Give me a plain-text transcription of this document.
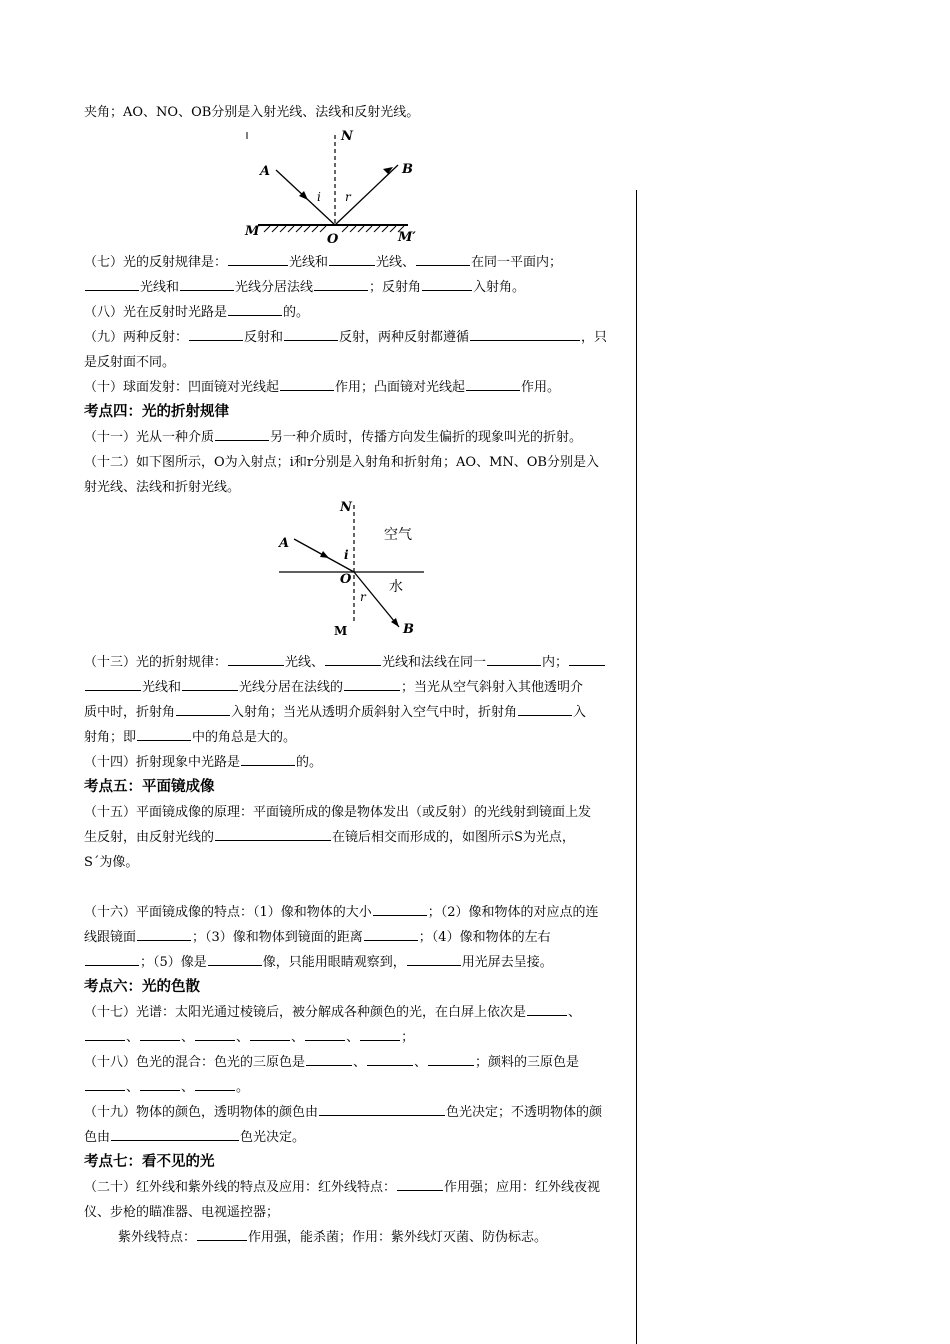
N
A	B
i r
M
O	M′
N
A
i
O
空气
水
r
M	B
夹角；AO、NO、OB分别是入射光线、法线和反射光线。
（七）光的反射规律是：	光线和	光线、	在同一平面内；
光线和	光线分居法线	；反射角	入射角。
（八）光在反射时光路是	的。
（九）两种反射：	反射和	反射，两种反射都遵循	，只
是反射面不同。
（十）球面发射：凹面镜对光线起	作用；凸面镜对光线起	作用。
考点四：光的折射规律
（十一）光从一种介质	另一种介质时，传播方向发生偏折的现象叫光的折射。
（十二）如下图所示，O为入射点；i和r分别是入射角和折射角；AO、MN、OB分别是入
射光线、法线和折射光线。
（十三）光的折射规律：	光线、	光线和法线在同一	内；
光线和	光线分居在法线的	；当光从空气斜射入其他透明介
质中时，折射角	入射角；当光从透明介质斜射入空气中时，折射角	入
射角；即	中的角总是大的。
（十四）折射现象中光路是	的。
考点五：平面镜成像
（十五）平面镜成像的原理：平面镜所成的像是物体发出（或反射）的光线射到镜面上发
生反射，由反射光线的	在镜后相交而形成的，如图所示S为光点，
S´为像。
（十六）平面镜成像的特点：（1）像和物体的大小	；（2）像和物体的对应点的连
线跟镜面	；（3）像和物体到镜面的距离	；（4）像和物体的左右
；（5）像是	像，只能用眼睛观察到，	用光屏去呈接。
考点六：光的色散
（十七）光谱：太阳光通过棱镜后，被分解成各种颜色的光，在白屏上依次是	、
、	、	、	、	、	；
（十八）色光的混合：色光的三原色是	、	、	；颜料的三原色是
、	、	。
（十九）物体的颜色，透明物体的颜色由	色光决定；不透明物体的颜
色由	色光决定。
考点七：看不见的光
（二十）红外线和紫外线的特点及应用：红外线特点：	作用强；应用：红外线夜视
仪、步枪的瞄准器、电视遥控器；
紫外线特点：	作用强，能杀菌；作用：紫外线灯灭菌、防伪标志。
